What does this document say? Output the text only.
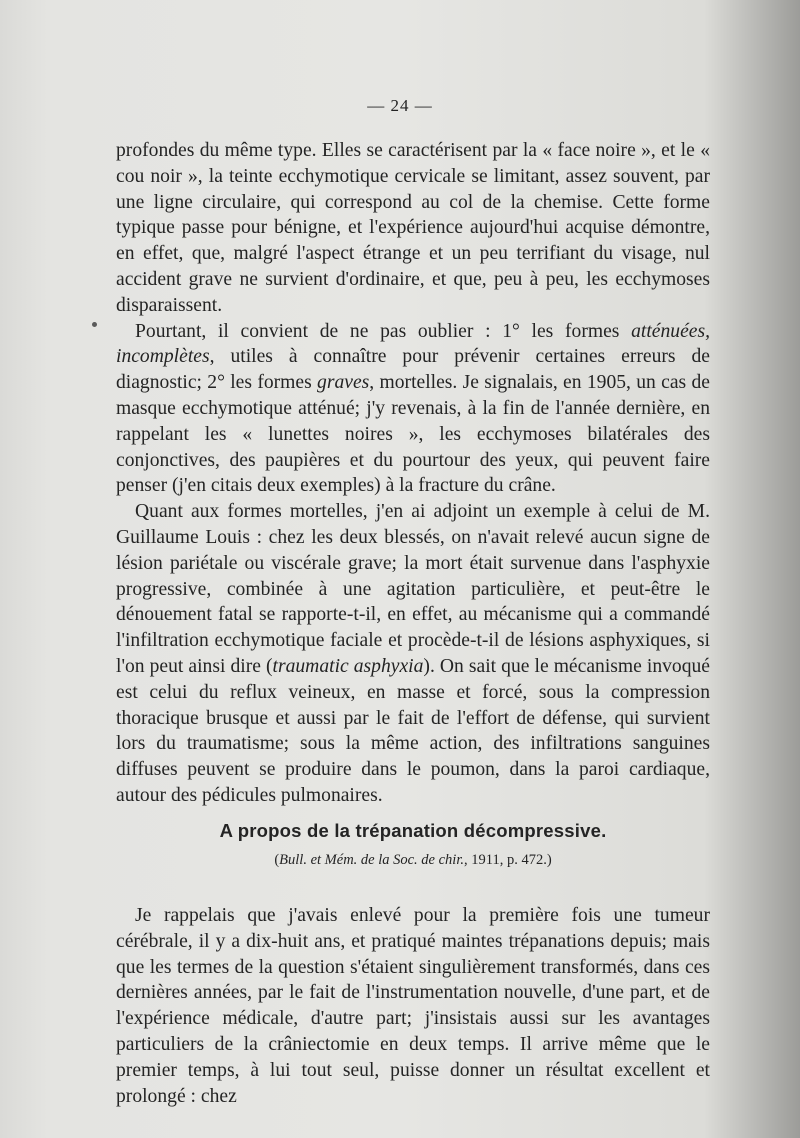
— 24 —

profondes du même type. Elles se caractérisent par la « face noire », et le « cou noir », la teinte ecchymotique cervicale se limitant, assez souvent, par une ligne circulaire, qui correspond au col de la chemise. Cette forme typique passe pour bénigne, et l'expérience aujourd'hui acquise démontre, en effet, que, malgré l'aspect étrange et un peu terrifiant du visage, nul accident grave ne survient d'ordinaire, et que, peu à peu, les ecchymoses disparaissent.

Pourtant, il convient de ne pas oublier : 1° les formes atténuées, incomplètes, utiles à connaître pour prévenir certaines erreurs de diagnostic; 2° les formes graves, mortelles. Je signalais, en 1905, un cas de masque ecchymotique atténué; j'y revenais, à la fin de l'année dernière, en rappelant les « lunettes noires », les ecchymoses bilatérales des conjonctives, des paupières et du pourtour des yeux, qui peuvent faire penser (j'en citais deux exemples) à la fracture du crâne.

Quant aux formes mortelles, j'en ai adjoint un exemple à celui de M. Guillaume Louis : chez les deux blessés, on n'avait relevé aucun signe de lésion pariétale ou viscérale grave; la mort était survenue dans l'asphyxie progressive, combinée à une agitation particulière, et peut-être le dénouement fatal se rapporte-t-il, en effet, au mécanisme qui a commandé l'infiltration ecchymotique faciale et procède-t-il de lésions asphyxiques, si l'on peut ainsi dire (traumatic asphyxia). On sait que le mécanisme invoqué est celui du reflux veineux, en masse et forcé, sous la compression thoracique brusque et aussi par le fait de l'effort de défense, qui survient lors du traumatisme; sous la même action, des infiltrations sanguines diffuses peuvent se produire dans le poumon, dans la paroi cardiaque, autour des pédicules pulmonaires.

A propos de la trépanation décompressive.
(Bull. et Mém. de la Soc. de chir., 1911, p. 472.)

Je rappelais que j'avais enlevé pour la première fois une tumeur cérébrale, il y a dix-huit ans, et pratiqué maintes trépanations depuis; mais que les termes de la question s'étaient singulièrement transformés, dans ces dernières années, par le fait de l'instrumentation nouvelle, d'une part, et de l'expérience médicale, d'autre part; j'insistais aussi sur les avantages particuliers de la crâniectomie en deux temps. Il arrive même que le premier temps, à lui tout seul, puisse donner un résultat excellent et prolongé : chez
